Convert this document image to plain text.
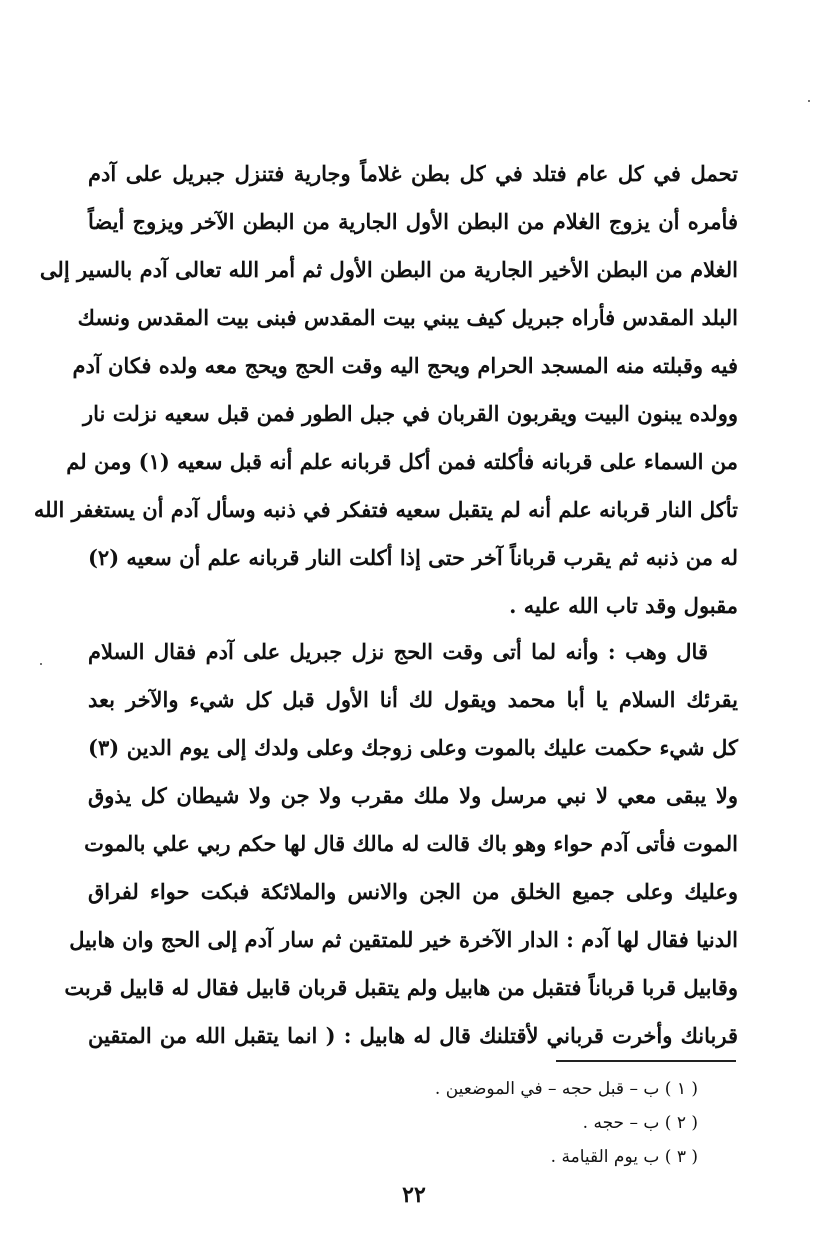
تحمل في كل عام فتلد في كل بطن غلاماً وجارية فتنزل جبريل على آدم
فأمره أن يزوج الغلام من البطن الأول الجارية من البطن الآخر ويزوج أيضاً
الغلام من البطن الأخير الجارية من البطن الأول ثم أمر الله تعالى آدم بالسير إلى
البلد المقدس فأراه جبريل كيف يبني بيت المقدس فبنى بيت المقدس ونسك
فيه وقبلته منه المسجد الحرام ويحج اليه وقت الحج ويحج معه ولده فكان آدم
وولده يبنون البيت ويقربون القربان في جبل الطور فمن قبل سعيه نزلت نار
من السماء على قربانه فأكلته فمن أكل قربانه علم أنه قبل سعيه (١) ومن لم
تأكل النار قربانه علم أنه لم يتقبل سعيه فتفكر في ذنبه وسأل آدم أن يستغفر الله
له من ذنبه ثم يقرب قرباناً آخر حتى إذا أكلت النار قربانه علم أن سعيه (٢)
مقبول وقد تاب الله عليه .
قال وهب : وأنه لما أتى وقت الحج نزل جبريل على آدم فقال السلام
يقرئك السلام يا أبا محمد ويقول لك أنا الأول قبل كل شيء والآخر بعد
كل شيء حكمت عليك بالموت وعلى زوجك وعلى ولدك إلى يوم الدين (٣)
ولا يبقى معي لا نبي مرسل ولا ملك مقرب ولا جن ولا شيطان كل يذوق
الموت فأتى آدم حواء وهو باك قالت له مالك قال لها حكم ربي علي بالموت
وعليك وعلى جميع الخلق من الجن والانس والملائكة فبكت حواء لفراق
الدنيا فقال لها آدم : الدار الآخرة خير للمتقين ثم سار آدم إلى الحج وان هابيل
وقابيل قربا قرباناً فتقبل من هابيل ولم يتقبل قربان قابيل فقال له قابيل قربت
قربانك وأخرت قرباني لأقتلنك قال له هابيل : ( انما يتقبل الله من المتقين
( ١ ) ب – قبل حجه – في الموضعين .
( ٢ ) ب – حجه .
( ٣ ) ب يوم القيامة .
٢٢
